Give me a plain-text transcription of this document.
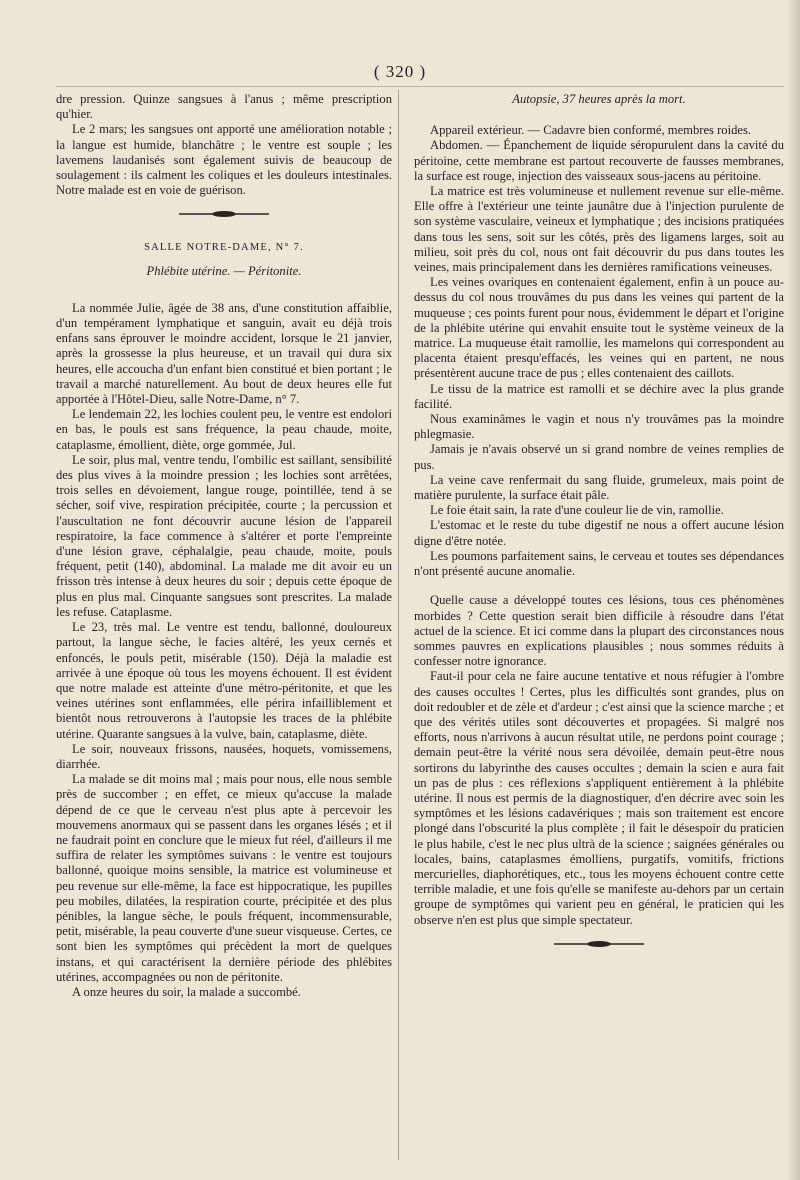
( 320 )

dre pression. Quinze sangsues à l'anus ; même prescription qu'hier.

Le 2 mars; les sangsues ont apporté une amélioration notable ; la langue est humide, blanchâtre ; le ventre est souple ; les lavemens laudanisés sont également suivis de beaucoup de soulagement : ils calment les coliques et les douleurs intestinales. Notre malade est en voie de guérison.

SALLE NOTRE-DAME, N° 7.

Phlébite utérine. — Péritonite.

La nommée Julie, âgée de 38 ans, d'une constitution affaiblie, d'un tempérament lymphatique et sanguin, avait eu déjà trois enfans sans éprouver le moindre accident, lorsque le 21 janvier, après la grossesse la plus heureuse, et un travail qui dura six heures, elle accoucha d'un enfant bien constitué et bien portant ; le travail a marché naturellement. Au bout de deux heures elle fut apportée à l'Hôtel-Dieu, salle Notre-Dame, n° 7.

Le lendemain 22, les lochies coulent peu, le ventre est endolori en bas, le pouls est sans fréquence, la peau chaude, moite, cataplasme, émollient, diète, orge gommée, Jul.

Le soir, plus mal, ventre tendu, l'ombilic est saillant, sensibilité des plus vives à la moindre pression ; les lochies sont arrêtées, trois selles en dévoiement, langue rouge, pointillée, tend à se sécher, soif vive, respiration précipitée, courte ; la percussion et l'auscultation ne font découvrir aucune lésion de l'appareil respiratoire, la face commence à s'altérer et porte l'empreinte d'une lésion grave, céphalalgie, peau chaude, moite, pouls fréquent, petit (140), abdominal. La malade me dit avoir eu un frisson très intense à deux heures du soir ; depuis cette époque de plus en plus mal. Cinquante sangsues sont prescrites. La malade les refuse. Cataplasme.

Le 23, très mal. Le ventre est tendu, ballonné, douloureux partout, la langue sèche, le facies altéré, les yeux cernés et enfoncés, le pouls petit, misérable (150). Déjà la maladie est arrivée à une époque où tous les moyens échouent. Il est évident que notre malade est atteinte d'une métro-péritonite, et que les veines utérines sont enflammées, elle périra infailliblement et bientôt nous retrouverons à l'autopsie les traces de la phlébite utérine. Quarante sangsues à la vulve, bain, cataplasme, diète.

Le soir, nouveaux frissons, nausées, hoquets, vomissemens, diarrhée.

La malade se dit moins mal ; mais pour nous, elle nous semble près de succomber ; en effet, ce mieux qu'accuse la malade dépend de ce que le cerveau n'est plus apte à percevoir les mouvemens anormaux qui se passent dans les organes lésés ; et il ne faudrait point en conclure que le mieux fut réel, d'ailleurs il me suffira de relater les symptômes suivans : le ventre est toujours ballonné, quoique moins sensible, la matrice est volumineuse et peu revenue sur elle-même, la face est hippocratique, les pupilles peu mobiles, dilatées, la respiration courte, précipitée et des plus pénibles, la langue sèche, le pouls fréquent, incommensurable, petit, misérable, la peau couverte d'une sueur visqueuse. Certes, ce sont bien les symptômes qui précèdent la mort de quelques instans, et qui caractérisent la dernière période des phlébites utérines, accompagnées ou non de péritonite.

A onze heures du soir, la malade a succombé.

Autopsie, 37 heures après la mort.

Appareil extérieur. — Cadavre bien conformé, membres roides.

Abdomen. — Épanchement de liquide séropurulent dans la cavité du péritoine, cette membrane est partout recouverte de fausses membranes, la surface est rouge, injection des vaisseaux sous-jacens au péritoine.

La matrice est très volumineuse et nullement revenue sur elle-même. Elle offre à l'extérieur une teinte jaunâtre due à l'injection purulente de son système vasculaire, veineux et lymphatique ; des incisions pratiquées dans tous les sens, soit sur les côtés, près des ligamens larges, soit au milieu, soit près du col, nous ont fait découvrir du pus dans toutes les veines, mais principalement dans les dernières ramifications veineuses.

Les veines ovariques en contenaient également, enfin à un pouce au-dessus du col nous trouvâmes du pus dans les veines qui partent de la muqueuse ; ces points furent pour nous, évidemment le départ et l'origine de la phlébite utérine qui envahit ensuite tout le système veineux de la matrice. La muqueuse était ramollie, les mamelons qui correspondent au placenta étaient presqu'effacés, les veines qui en partent, ne nous présentèrent aucune trace de pus ; elles contenaient des caillots.

Le tissu de la matrice est ramolli et se déchire avec la plus grande facilité.

Nous examinâmes le vagin et nous n'y trouvâmes pas la moindre phlegmasie.

Jamais je n'avais observé un si grand nombre de veines remplies de pus.

La veine cave renfermait du sang fluide, grumeleux, mais point de matière purulente, la surface était pâle.

Le foie était sain, la rate d'une couleur lie de vin, ramollie.

L'estomac et le reste du tube digestif ne nous a offert aucune lésion digne d'être notée.

Les poumons parfaitement sains, le cerveau et toutes ses dépendances n'ont présenté aucune anomalie.

Quelle cause a développé toutes ces lésions, tous ces phénomènes morbides ? Cette question serait bien difficile à résoudre dans l'état actuel de la science. Et ici comme dans la plupart des circonstances nous sommes pauvres en explications plausibles ; nous sommes réduits à confesser notre ignorance.

Faut-il pour cela ne faire aucune tentative et nous réfugier à l'ombre des causes occultes ! Certes, plus les difficultés sont grandes, plus on doit redoubler et de zèle et d'ardeur ; c'est ainsi que la science marche ; et que des vérités utiles sont découvertes et propagées. Si malgré nos efforts, nous n'arrivons à aucun résultat utile, ne perdons point courage ; demain peut-être la vérité nous sera dévoilée, demain peut-être nous sortirons du labyrinthe des causes occultes ; demain la scien e aura fait un pas de plus : ces réflexions s'appliquent entièrement à la phlébite utérine. Il nous est permis de la diagnostiquer, d'en décrire avec soin les symptômes et les lésions cadavériques ; mais son traitement est encore plongé dans l'obscurité la plus complète ; il fait le désespoir du praticien le plus habile, c'est le nec plus ultrà de la science ; saignées générales ou locales, bains, cataplasmes émolliens, purgatifs, vomitifs, frictions mercurielles, diaphorétiques, etc., tous les moyens échouent contre cette terrible maladie, et une fois qu'elle se manifeste au-dehors par un certain groupe de symptômes qui varient peu en général, le praticien qui les observe n'en est plus que simple spectateur.
